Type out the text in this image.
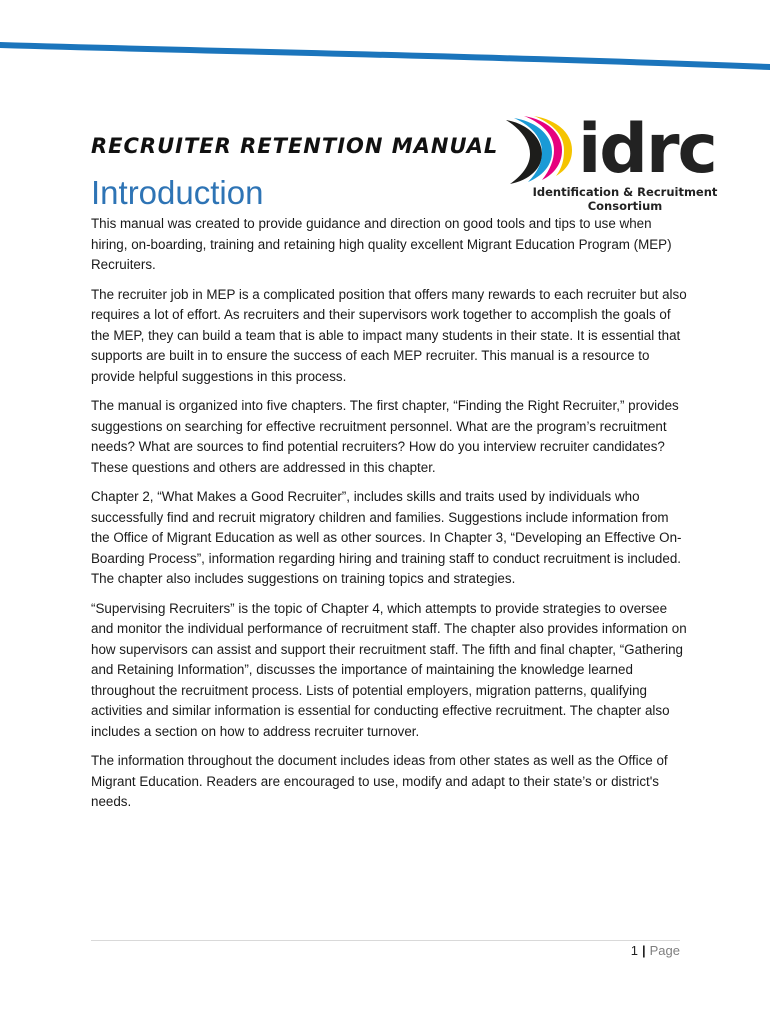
RECRUITER RETENTION MANUAL idrc
Identification & Recruitment
Consortium
Introduction

This manual was created to provide guidance and direction on good tools and tips to use when hiring, on-boarding, training and retaining high quality excellent Migrant Education Program (MEP) Recruiters.

The recruiter job in MEP is a complicated position that offers many rewards to each recruiter but also requires a lot of effort. As recruiters and their supervisors work together to accomplish the goals of the MEP, they can build a team that is able to impact many students in their state. It is essential that supports are built in to ensure the success of each MEP recruiter. This manual is a resource to provide helpful suggestions in this process.

The manual is organized into five chapters. The first chapter, “Finding the Right Recruiter,” provides suggestions on searching for effective recruitment personnel. What are the program’s recruitment needs? What are sources to find potential recruiters? How do you interview recruiter candidates? These questions and others are addressed in this chapter.

Chapter 2, “What Makes a Good Recruiter”, includes skills and traits used by individuals who successfully find and recruit migratory children and families. Suggestions include information from the Office of Migrant Education as well as other sources. In Chapter 3, “Developing an Effective On-Boarding Process”, information regarding hiring and training staff to conduct recruitment is included. The chapter also includes suggestions on training topics and strategies.

“Supervising Recruiters” is the topic of Chapter 4, which attempts to provide strategies to oversee and monitor the individual performance of recruitment staff. The chapter also provides information on how supervisors can assist and support their recruitment staff. The fifth and final chapter, “Gathering and Retaining Information”, discusses the importance of maintaining the knowledge learned throughout the recruitment process. Lists of potential employers, migration patterns, qualifying activities and similar information is essential for conducting effective recruitment. The chapter also includes a section on how to address recruiter turnover.

The information throughout the document includes ideas from other states as well as the Office of Migrant Education. Readers are encouraged to use, modify and adapt to their state’s or district's needs.

1 | Page
